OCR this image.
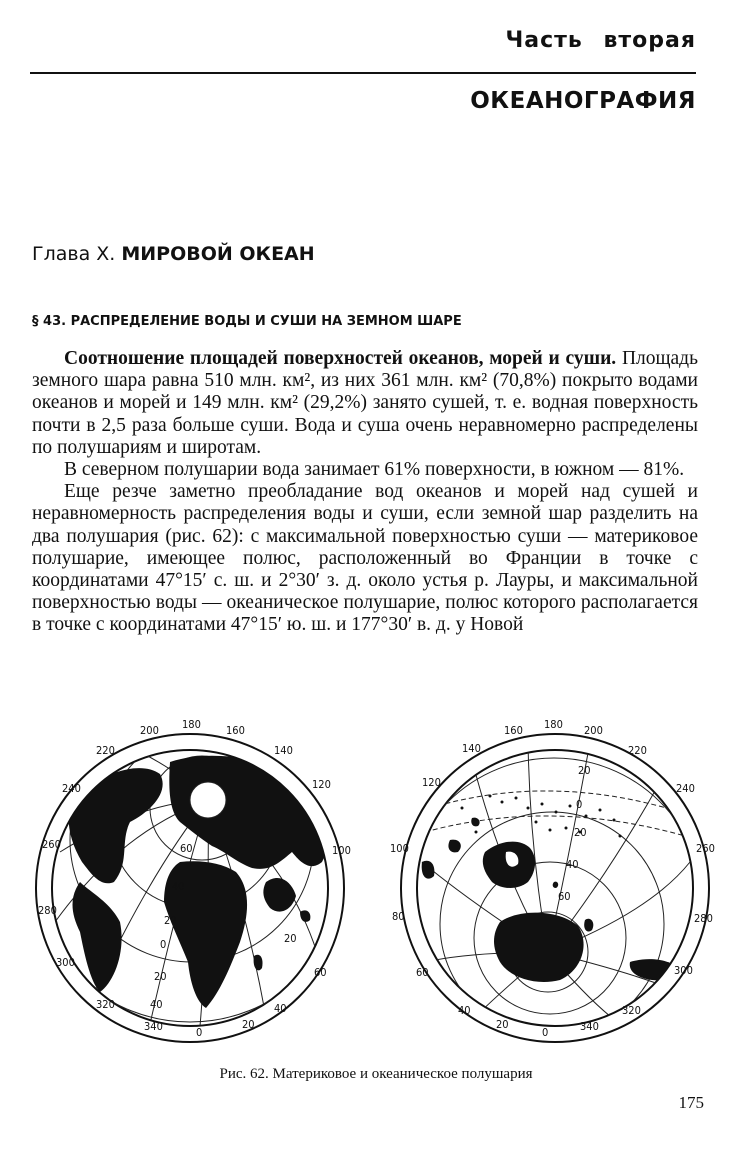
Часть вторая
ОКЕАНОГРАФИЯ
Глава X. МИРОВОЙ ОКЕАН
§ 43. РАСПРЕДЕЛЕНИЕ ВОДЫ И СУШИ НА ЗЕМНОМ ШАРЕ

Соотношение площадей поверхностей океанов, морей и суши. Площадь земного шара равна 510 млн. км², из них 361 млн. км² (70,8%) покрыто водами океанов и морей и 149 млн. км² (29,2%) занято сушей, т. е. водная поверхность почти в 2,5 раза больше суши. Вода и суша очень неравномерно распределены по полушариям и широтам.

В северном полушарии вода занимает 61% поверхности, в южном — 81%.

Еще резче заметно преобладание вод океанов и морей над сушей и неравномерность распределения воды и суши, если земной шар разделить на два полушария (рис. 62): с максимальной поверхностью суши — материковое полушарие, имеющее полюс, расположенный во Франции в точке с координатами 47°15′ с. ш. и 2°30′ з. д. около устья р. Лауры, и максимальной поверхностью воды — океаническое полушарие, полюс которого располагается в точке с координатами 47°15′ ю. ш. и 177°30′ в. д. у Новой

200 180 160
220	140
240	120
260	100
280
300
320
340	0
20
40
60
60
40
20
0
20
40
20
160 180 200
140	220
120	240
100	260
80	280
60	300
40
20
0	340
320
20
0
20
40
60
Рис. 62. Материковое и океаническое полушария
175
